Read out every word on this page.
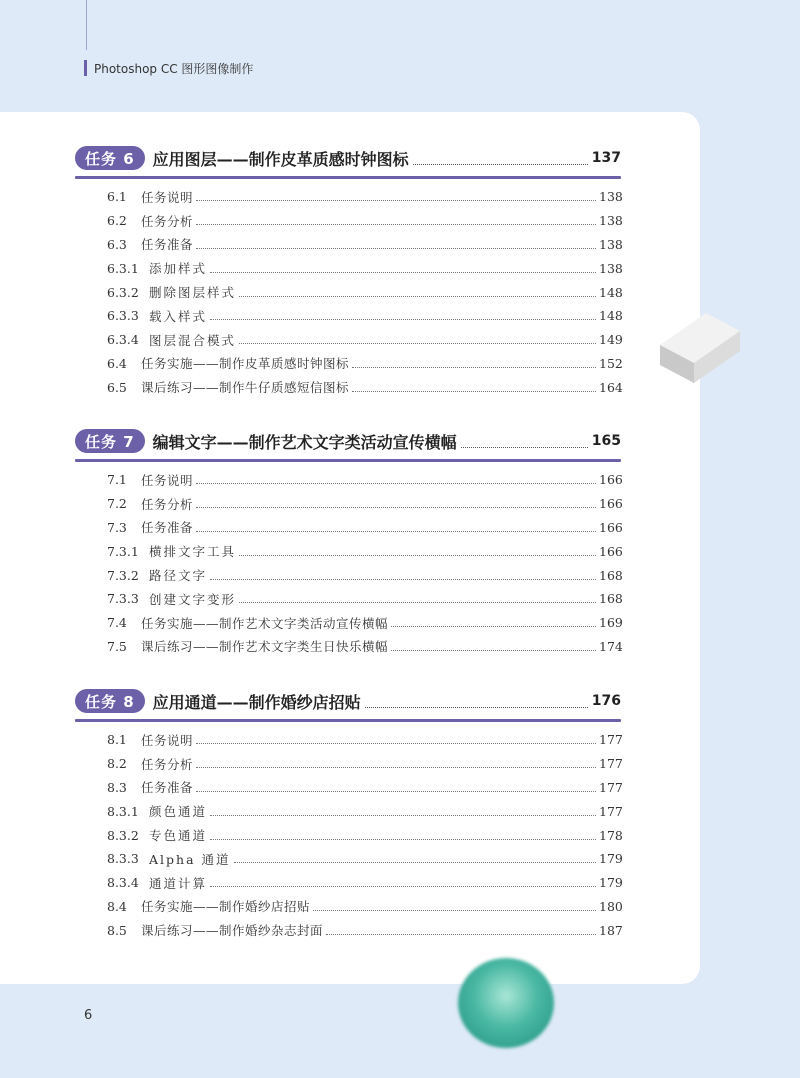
Photoshop CC 图形图像制作
任务 6	应用图层——制作皮革质感时钟图标	137
6.1	任务说明	138
6.2	任务分析	138
6.3	任务准备	138
6.3.1 添加样式	138
6.3.2 删除图层样式	148
6.3.3 载入样式	148
6.3.4 图层混合模式	149
6.4	任务实施——制作皮革质感时钟图标	152
6.5	课后练习——制作牛仔质感短信图标	164
任务 7	编辑文字——制作艺术文字类活动宣传横幅	165
7.1	任务说明	166
7.2	任务分析	166
7.3	任务准备	166
7.3.1 横排文字工具	166
7.3.2 路径文字	168
7.3.3 创建文字变形	168
7.4	任务实施——制作艺术文字类活动宣传横幅	169
7.5	课后练习——制作艺术文字类生日快乐横幅	174
任务 8	应用通道——制作婚纱店招贴	176
8.1	任务说明	177
8.2	任务分析	177
8.3	任务准备	177
8.3.1 颜色通道	177
8.3.2 专色通道	178
8.3.3 Alpha 通道	179
8.3.4 通道计算	179
8.4	任务实施——制作婚纱店招贴	180
8.5	课后练习——制作婚纱杂志封面	187
6
